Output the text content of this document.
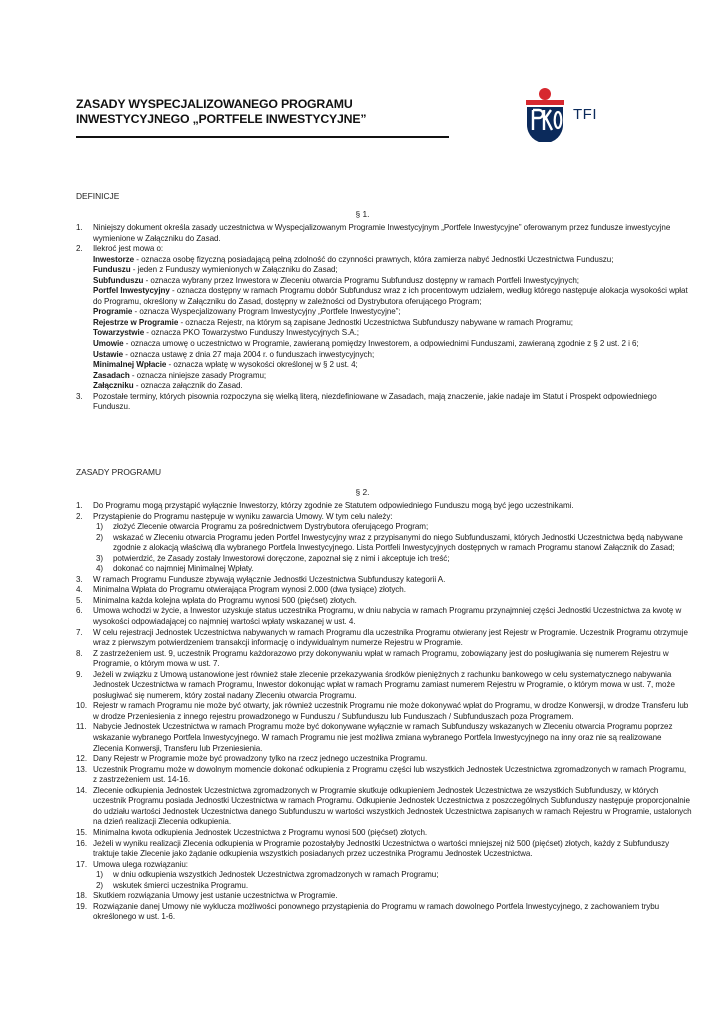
ZASADY WYSPECJALIZOWANEGO PROGRAMU
INWESTYCYJNEGO „PORTFELE INWESTYCYJNE”	TFI
DEFINICJE
§ 1.
1.	Niniejszy dokument określa zasady uczestnictwa w Wyspecjalizowanym Programie Inwestycyjnym „Portfele Inwestycyjne” oferowanym przez fundusze inwestycyjne wymienione w Załączniku do Zasad.
2.	Ilekroć jest mowa o:
Inwestorze - oznacza osobę fizyczną posiadającą pełną zdolność do czynności prawnych, która zamierza nabyć Jednostki Uczestnictwa Funduszu;
Funduszu - jeden z Funduszy wymienionych w Załączniku do Zasad;
Subfunduszu - oznacza wybrany przez Inwestora w Zleceniu otwarcia Programu Subfundusz dostępny w ramach Portfeli Inwestycyjnych;
Portfel Inwestycyjny - oznacza dostępny w ramach Programu dobór Subfundusz wraz z ich procentowym udziałem, według którego następuje alokacja wysokości wpłat do Programu, określony w Załączniku do Zasad, dostępny w zależności od Dystrybutora oferującego Program;
Programie - oznacza Wyspecjalizowany Program Inwestycyjny „Portfele Inwestycyjne”;
Rejestrze w Programie - oznacza Rejestr, na którym są zapisane Jednostki Uczestnictwa Subfunduszy nabywane w ramach Programu;
Towarzystwie - oznacza PKO Towarzystwo Funduszy Inwestycyjnych S.A.;
Umowie - oznacza umowę o uczestnictwo w Programie, zawieraną pomiędzy Inwestorem, a odpowiednimi Funduszami, zawieraną zgodnie z § 2 ust. 2 i 6;
Ustawie - oznacza ustawę z dnia 27 maja 2004 r. o funduszach inwestycyjnych;
Minimalnej Wpłacie - oznacza wpłatę w wysokości określonej w § 2 ust. 4;
Zasadach - oznacza niniejsze zasady Programu;
Załączniku - oznacza załącznik do Zasad.
3.	Pozostałe terminy, których pisownia rozpoczyna się wielką literą, niezdefiniowane w Zasadach, mają znaczenie, jakie nadaje im Statut i Prospekt odpowiedniego Funduszu.
ZASADY PROGRAMU
§ 2.
1.	Do Programu mogą przystąpić wyłącznie Inwestorzy, którzy zgodnie ze Statutem odpowiedniego Funduszu mogą być jego uczestnikami.
2.	Przystąpienie do Programu następuje w wyniku zawarcia Umowy. W tym celu należy:
1)	złożyć Zlecenie otwarcia Programu za pośrednictwem Dystrybutora oferującego Program;
2)	wskazać w Zleceniu otwarcia Programu jeden Portfel Inwestycyjny wraz z przypisanymi do niego Subfunduszami, których Jednostki Uczestnictwa będą nabywane zgodnie z alokacją właściwą dla wybranego Portfela Inwestycyjnego. Lista Portfeli Inwestycyjnych dostępnych w ramach Programu stanowi Załącznik do Zasad;
3)	potwierdzić, że Zasady zostały Inwestorowi doręczone, zapoznał się z nimi i akceptuje ich treść;
4)	dokonać co najmniej Minimalnej Wpłaty.
3.	W ramach Programu Fundusze zbywają wyłącznie Jednostki Uczestnictwa Subfunduszy kategorii A.
4.	Minimalna Wpłata do Programu otwierająca Program wynosi 2.000 (dwa tysiące) złotych.
5.	Minimalna każda kolejna wpłata do Programu wynosi 500 (pięćset) złotych.
6.	Umowa wchodzi w życie, a Inwestor uzyskuje status uczestnika Programu, w dniu nabycia w ramach Programu przynajmniej części Jednostki Uczestnictwa za kwotę w wysokości odpowiadającej co najmniej wartości wpłaty wskazanej w ust. 4.
7.	W celu rejestracji Jednostek Uczestnictwa nabywanych w ramach Programu dla uczestnika Programu otwierany jest Rejestr w Programie. Uczestnik Programu otrzymuje wraz z pierwszym potwierdzeniem transakcji informację o indywidualnym numerze Rejestru w Programie.
8.	Z zastrzeżeniem ust. 9, uczestnik Programu każdorazowo przy dokonywaniu wpłat w ramach Programu, zobowiązany jest do posługiwania się numerem Rejestru w Programie, o którym mowa w ust. 7.
9.	Jeżeli w związku z Umową ustanowione jest również stałe zlecenie przekazywania środków pieniężnych z rachunku bankowego w celu systematycznego nabywania Jednostek Uczestnictwa w ramach Programu, Inwestor dokonując wpłat w ramach Programu zamiast numerem Rejestru w Programie, o którym mowa w ust. 7, może posługiwać się numerem, który został nadany Zleceniu otwarcia Programu.
10. Rejestr w ramach Programu nie może być otwarty, jak również uczestnik Programu nie może dokonywać wpłat do Programu, w drodze Konwersji, w drodze Transferu lub w drodze Przeniesienia z innego rejestru prowadzonego w Funduszu / Subfunduszu lub Funduszach / Subfunduszach poza Programem.
11. Nabycie Jednostek Uczestnictwa w ramach Programu może być dokonywane wyłącznie w ramach Subfunduszy wskazanych w Zleceniu otwarcia Programu poprzez wskazanie wybranego Portfela Inwestycyjnego. W ramach Programu nie jest możliwa zmiana wybranego Portfela Inwestycyjnego na inny oraz nie są realizowane Zlecenia Konwersji, Transferu lub Przeniesienia.
12. Dany Rejestr w Programie może być prowadzony tylko na rzecz jednego uczestnika Programu.
13. Uczestnik Programu może w dowolnym momencie dokonać odkupienia z Programu części lub wszystkich Jednostek Uczestnictwa zgromadzonych w ramach Programu, z zastrzeżeniem ust. 14-16.
14. Zlecenie odkupienia Jednostek Uczestnictwa zgromadzonych w Programie skutkuje odkupieniem Jednostek Uczestnictwa ze wszystkich Subfunduszy, w których uczestnik Programu posiada Jednostki Uczestnictwa w ramach Programu. Odkupienie Jednostek Uczestnictwa z poszczególnych Subfunduszy następuje proporcjonalnie do udziału wartości Jednostek Uczestnictwa danego Subfunduszu w wartości wszystkich Jednostek Uczestnictwa zapisanych w ramach Rejestru w Programie, ustalonych na dzień realizacji Zlecenia odkupienia.
15. Minimalna kwota odkupienia Jednostek Uczestnictwa z Programu wynosi 500 (pięćset) złotych.
16. Jeżeli w wyniku realizacji Zlecenia odkupienia w Programie pozostałyby Jednostki Uczestnictwa o wartości mniejszej niż 500 (pięćset) złotych, każdy z Subfunduszy traktuje takie Zlecenie jako żądanie odkupienia wszystkich posiadanych przez uczestnika Programu Jednostek Uczestnictwa.
17. Umowa ulega rozwiązaniu:
1)	w dniu odkupienia wszystkich Jednostek Uczestnictwa zgromadzonych w ramach Programu;
2)	wskutek śmierci uczestnika Programu.
18. Skutkiem rozwiązania Umowy jest ustanie uczestnictwa w Programie.
19. Rozwiązanie danej Umowy nie wyklucza możliwości ponownego przystąpienia do Programu w ramach dowolnego Portfela Inwestycyjnego, z zachowaniem trybu określonego w ust. 1-6.
